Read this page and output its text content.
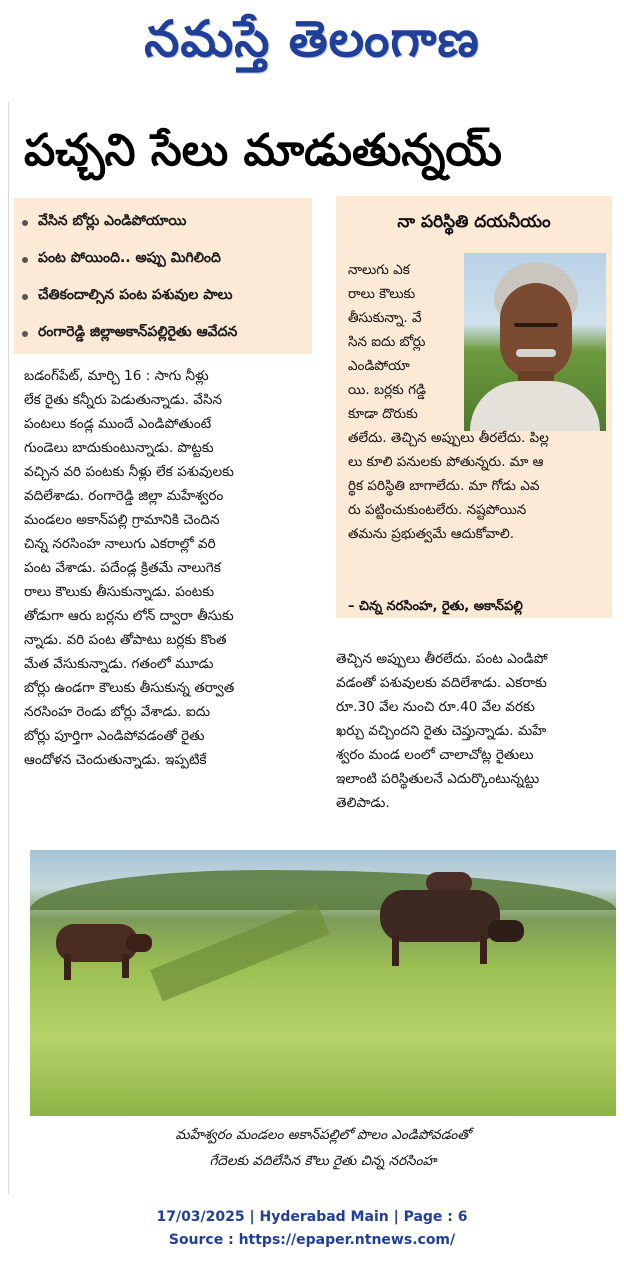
నమస్తే తెలంగాణ
పచ్చని సేలు మాడుతున్నయ్
వేసిన బోర్లు ఎండిపోయాయి
పంట పోయింది.. అప్పు మిగిలింది
చేతికందాల్సిన పంట పశువుల పాలు
రంగారెడ్డి జిల్లాఅకాన్‌పల్లిరైతు ఆవేదన
నా పరిస్థితి దయనీయం
నాలుగు ఎక
రాలు కౌలుకు
తీసుకున్నా. వే
సిన ఐదు బోర్లు
ఎండిపోయా
యి. బర్లకు గడ్డి
కూడా దొరుకు
తలేదు. తెచ్చిన అప్పులు తీరలేదు. పిల్ల
లు కూలి పనులకు పోతున్నరు. మా ఆ
ర్థిక పరిస్థితి బాగాలేదు. మా గోడు ఎవ
రు పట్టించుకుంటలేరు. నష్టపోయిన
తమను ప్రభుత్వమే ఆదుకోవాలి.
– చిన్న నరసింహ, రైతు, అకాన్‌పల్లి
బడంగ్‌పేట్, మార్చి 16 : సాగు నీళ్లు
లేక రైతు కన్నీరు పెడుతున్నాడు. వేసిన
పంటలు కండ్ల ముందే ఎండిపోతుంటే
గుండెలు బాదుకుంటున్నాడు. పొట్టకు
వచ్చిన వరి పంటకు నీళ్లు లేక పశువులకు
వదిలేశాడు. రంగారెడ్డి జిల్లా మహేశ్వరం
మండలం అకాన్‌పల్లి గ్రామానికి చెందిన
చిన్న నరసింహ నాలుగు ఎకరాల్లో వరి
పంట వేశాడు. పదేండ్ల క్రితమే నాలుగెక
రాలు కౌలుకు తీసుకున్నాడు. పంటకు
తోడుగా ఆరు బర్లను లోన్ ద్వారా తీసుకు
న్నాడు. వరి పంట తోపాటు బర్లకు కొంత
మేత వేసుకున్నాడు. గతంలో మూడు
బోర్లు ఉండగా కౌలుకు తీసుకున్న తర్వాత
నరసింహ రెండు బోర్లు వేశాడు. ఐదు
బోర్లు పూర్తిగా ఎండిపోవడంతో రైతు
ఆందోళన చెందుతున్నాడు. ఇప్పటికే
తెచ్చిన అప్పులు తీరలేదు. పంట ఎండిపో
వడంతో పశువులకు వదిలేశాడు. ఎకరాకు
రూ.30 వేల నుంచి రూ.40 వేల వరకు
ఖర్చు వచ్చిందని రైతు చెప్తున్నాడు. మహే
శ్వరం మండ లంలో చాలాచోట్ల రైతులు
ఇలాంటి పరిస్థితులనే ఎదుర్కొంటున్నట్టు
తెలిపాడు.
మహేశ్వరం మండలం అకాన్‌పల్లిలో పొలం ఎండిపోవడంతో
గేదెలకు వదిలేసిన కౌలు రైతు చిన్న నరసింహ
17/03/2025 | Hyderabad Main | Page : 6
Source : https://epaper.ntnews.com/
